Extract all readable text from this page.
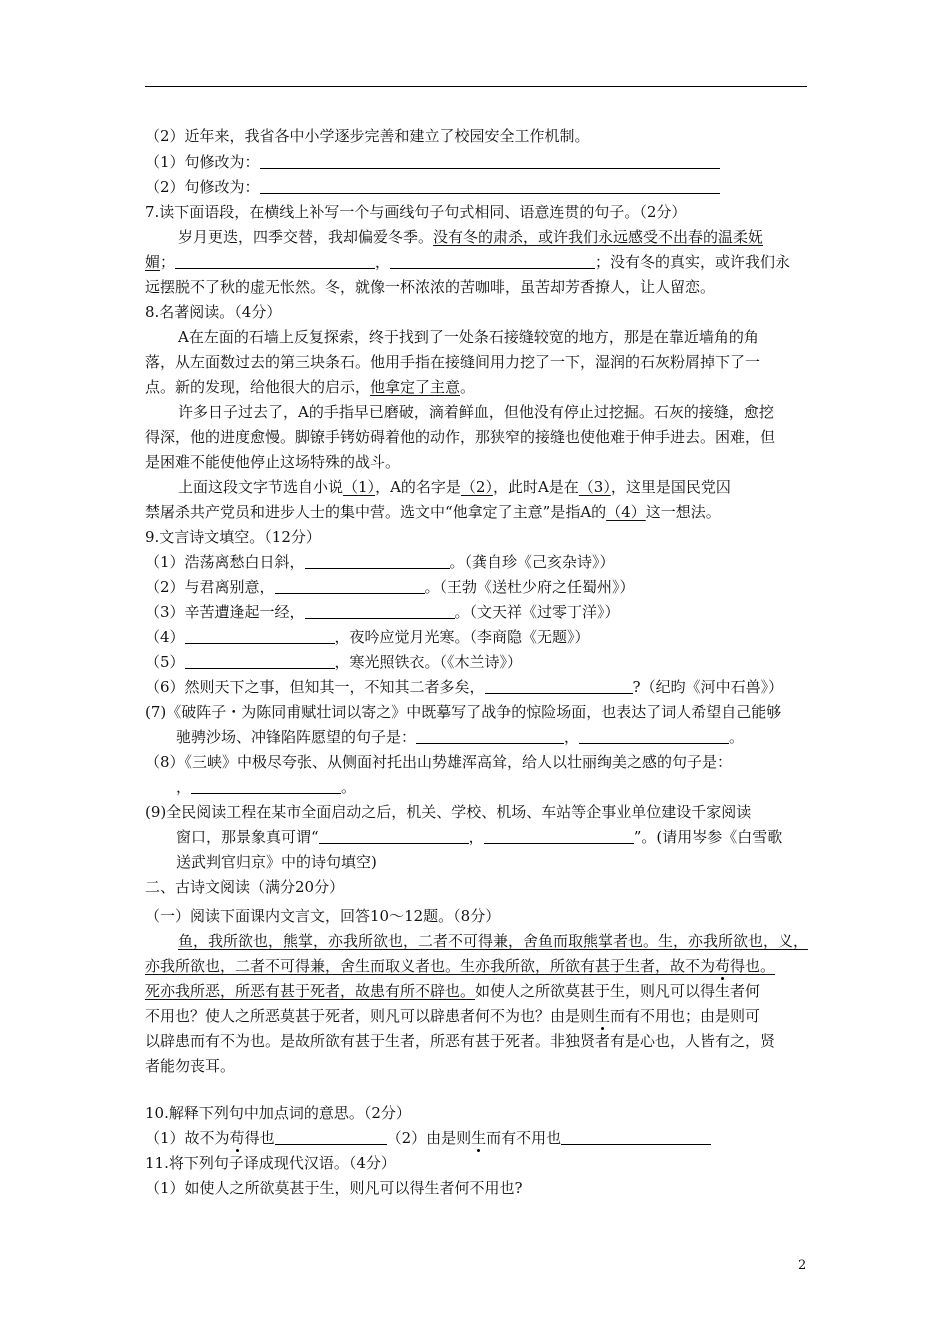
（2）近年来，我省各中小学逐步完善和建立了校园安全工作机制。
（1）句修改为：
（2）句修改为：
7.读下面语段，在横线上补写一个与画线句子句式相同、语意连贯的句子。（2分）
岁月更迭，四季交替，我却偏爱冬季。没有冬的肃杀，或许我们永远感受不出春的温柔妩
媚；	，	；没有冬的真实，或许我们永
远摆脱不了秋的虚无怅然。冬，就像一杯浓浓的苦咖啡，虽苦却芳香撩人，让人留恋。
8.名著阅读。（4分）
A在左面的石墙上反复探索，终于找到了一处条石接缝较宽的地方，那是在靠近墙角的角
落，从左面数过去的第三块条石。他用手指在接缝间用力挖了一下，湿润的石灰粉屑掉下了一
点。新的发现，给他很大的启示，他拿定了主意。
许多日子过去了，A的手指早已磨破，滴着鲜血，但他没有停止过挖掘。石灰的接缝，愈挖
得深，他的进度愈慢。脚镣手铐妨碍着他的动作，那狭窄的接缝也使他难于伸手进去。困难，但
是困难不能使他停止这场特殊的战斗。
上面这段文字节选自小说（1），A的名字是（2），此时A是在（3），这里是国民党囚
禁屠杀共产党员和进步人士的集中营。选文中“他拿定了主意”是指A的（4）这一想法。
9.文言诗文填空。（12分）
（1）浩荡离愁白日斜，	。（龚自珍《己亥杂诗》）
（2）与君离别意，	。（王勃《送杜少府之任蜀州》）
（3）辛苦遭逢起一经，	。（文天祥《过零丁洋》）
（4）	，夜吟应觉月光寒。（李商隐《无题》）
（5）	，寒光照铁衣。（《木兰诗》）
（6）然则天下之事，但知其一，不知其二者多矣，	?（纪昀《河中石兽》）
(7)《破阵子・为陈同甫赋壮词以寄之》中既摹写了战争的惊险场面，也表达了词人希望自己能够
驰骋沙场、冲锋陷阵愿望的句子是：	，	。
（8）《三峡》中极尽夸张、从侧面衬托出山势雄浑高耸，给人以壮丽绚美之感的句子是：
，	。
(9)全民阅读工程在某市全面启动之后，机关、学校、机场、车站等企事业单位建设千家阅读
窗口，那景象真可谓“	，	”。(请用岑参《白雪歌
送武判官归京》中的诗句填空)
二、古诗文阅读（满分20分）
（一）阅读下面课内文言文，回答10～12题。（8分）
鱼，我所欲也，熊掌，亦我所欲也，二者不可得兼，舍鱼而取熊掌者也。生，亦我所欲也，义，
亦我所欲也，二者不可得兼，舍生而取义者也。生亦我所欲，所欲有甚于生者，故不为苟得也。
死亦我所恶，所恶有甚于死者，故患有所不辟也。如使人之所欲莫甚于生，则凡可以得生者何
不用也？使人之所恶莫甚于死者，则凡可以辟患者何不为也？由是则生而有不用也；由是则可
以辟患而有不为也。是故所欲有甚于生者，所恶有甚于死者。非独贤者有是心也，人皆有之，贤
者能勿丧耳。
10.解释下列句中加点词的意思。（2分）
（1）故不为苟得也	（2）由是则生而有不用也
11.将下列句子译成现代汉语。（4分）
（1）如使人之所欲莫甚于生，则凡可以得生者何不用也?
2
